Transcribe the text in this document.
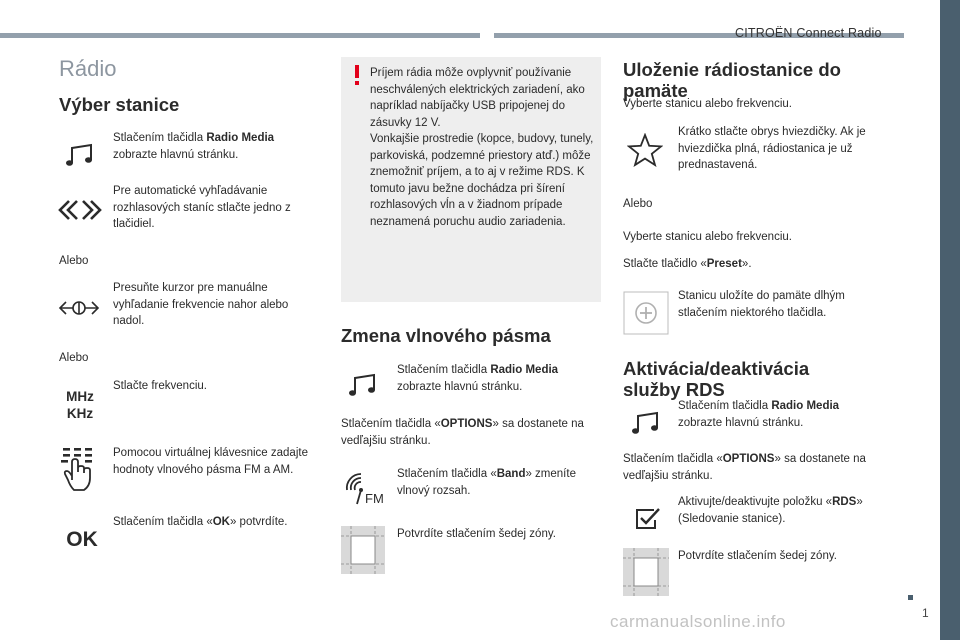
CITROËN Connect Radio
1
carmanualsonline.info
Rádio
Výber stanice
Stlačením tlačidla Radio Media
zobrazte hlavnú stránku.
Pre automatické vyhľadávanie rozhlasových staníc stlačte jedno z tlačidiel.
Alebo
Presuňte kurzor pre manuálne vyhľadanie frekvencie nahor alebo nadol.
Alebo
MHz
KHz
Stlačte frekvenciu.
Pomocou virtuálnej klávesnice zadajte hodnoty vlnového pásma FM a AM.
OK
Stlačením tlačidla «OK» potvrdíte.
Príjem rádia môže ovplyvniť používanie neschválených elektrických zariadení, ako napríklad nabíjačky USB pripojenej do zásuvky 12 V.
Vonkajšie prostredie (kopce, budovy, tunely, parkoviská, podzemné priestory atď.) môže znemožniť príjem, a to aj v režime RDS. K tomuto javu bežne dochádza pri šírení rozhlasových vĺn a v žiadnom prípade neznamená poruchu audio zariadenia.
Zmena vlnového pásma
Stlačením tlačidla Radio Media
zobrazte hlavnú stránku.
Stlačením tlačidla «OPTIONS» sa dostanete na vedľajšiu stránku.
FM
Stlačením tlačidla «Band» zmeníte vlnový rozsah.
Potvrdíte stlačením šedej zóny.
Uloženie rádiostanice do
pamäte
Vyberte stanicu alebo frekvenciu.
Krátko stlačte obrys hviezdičky. Ak je hviezdička plná, rádiostanica je už prednastavená.
Alebo
Vyberte stanicu alebo frekvenciu.
Stlačte tlačidlo «Preset».
Stanicu uložíte do pamäte dlhým stlačením niektorého tlačidla.
Aktivácia/deaktivácia
služby RDS
Stlačením tlačidla Radio Media
zobrazte hlavnú stránku.
Stlačením tlačidla «OPTIONS» sa dostanete na vedľajšiu stránku.
Aktivujte/deaktivujte položku «RDS» (Sledovanie stanice).
Potvrdíte stlačením šedej zóny.
